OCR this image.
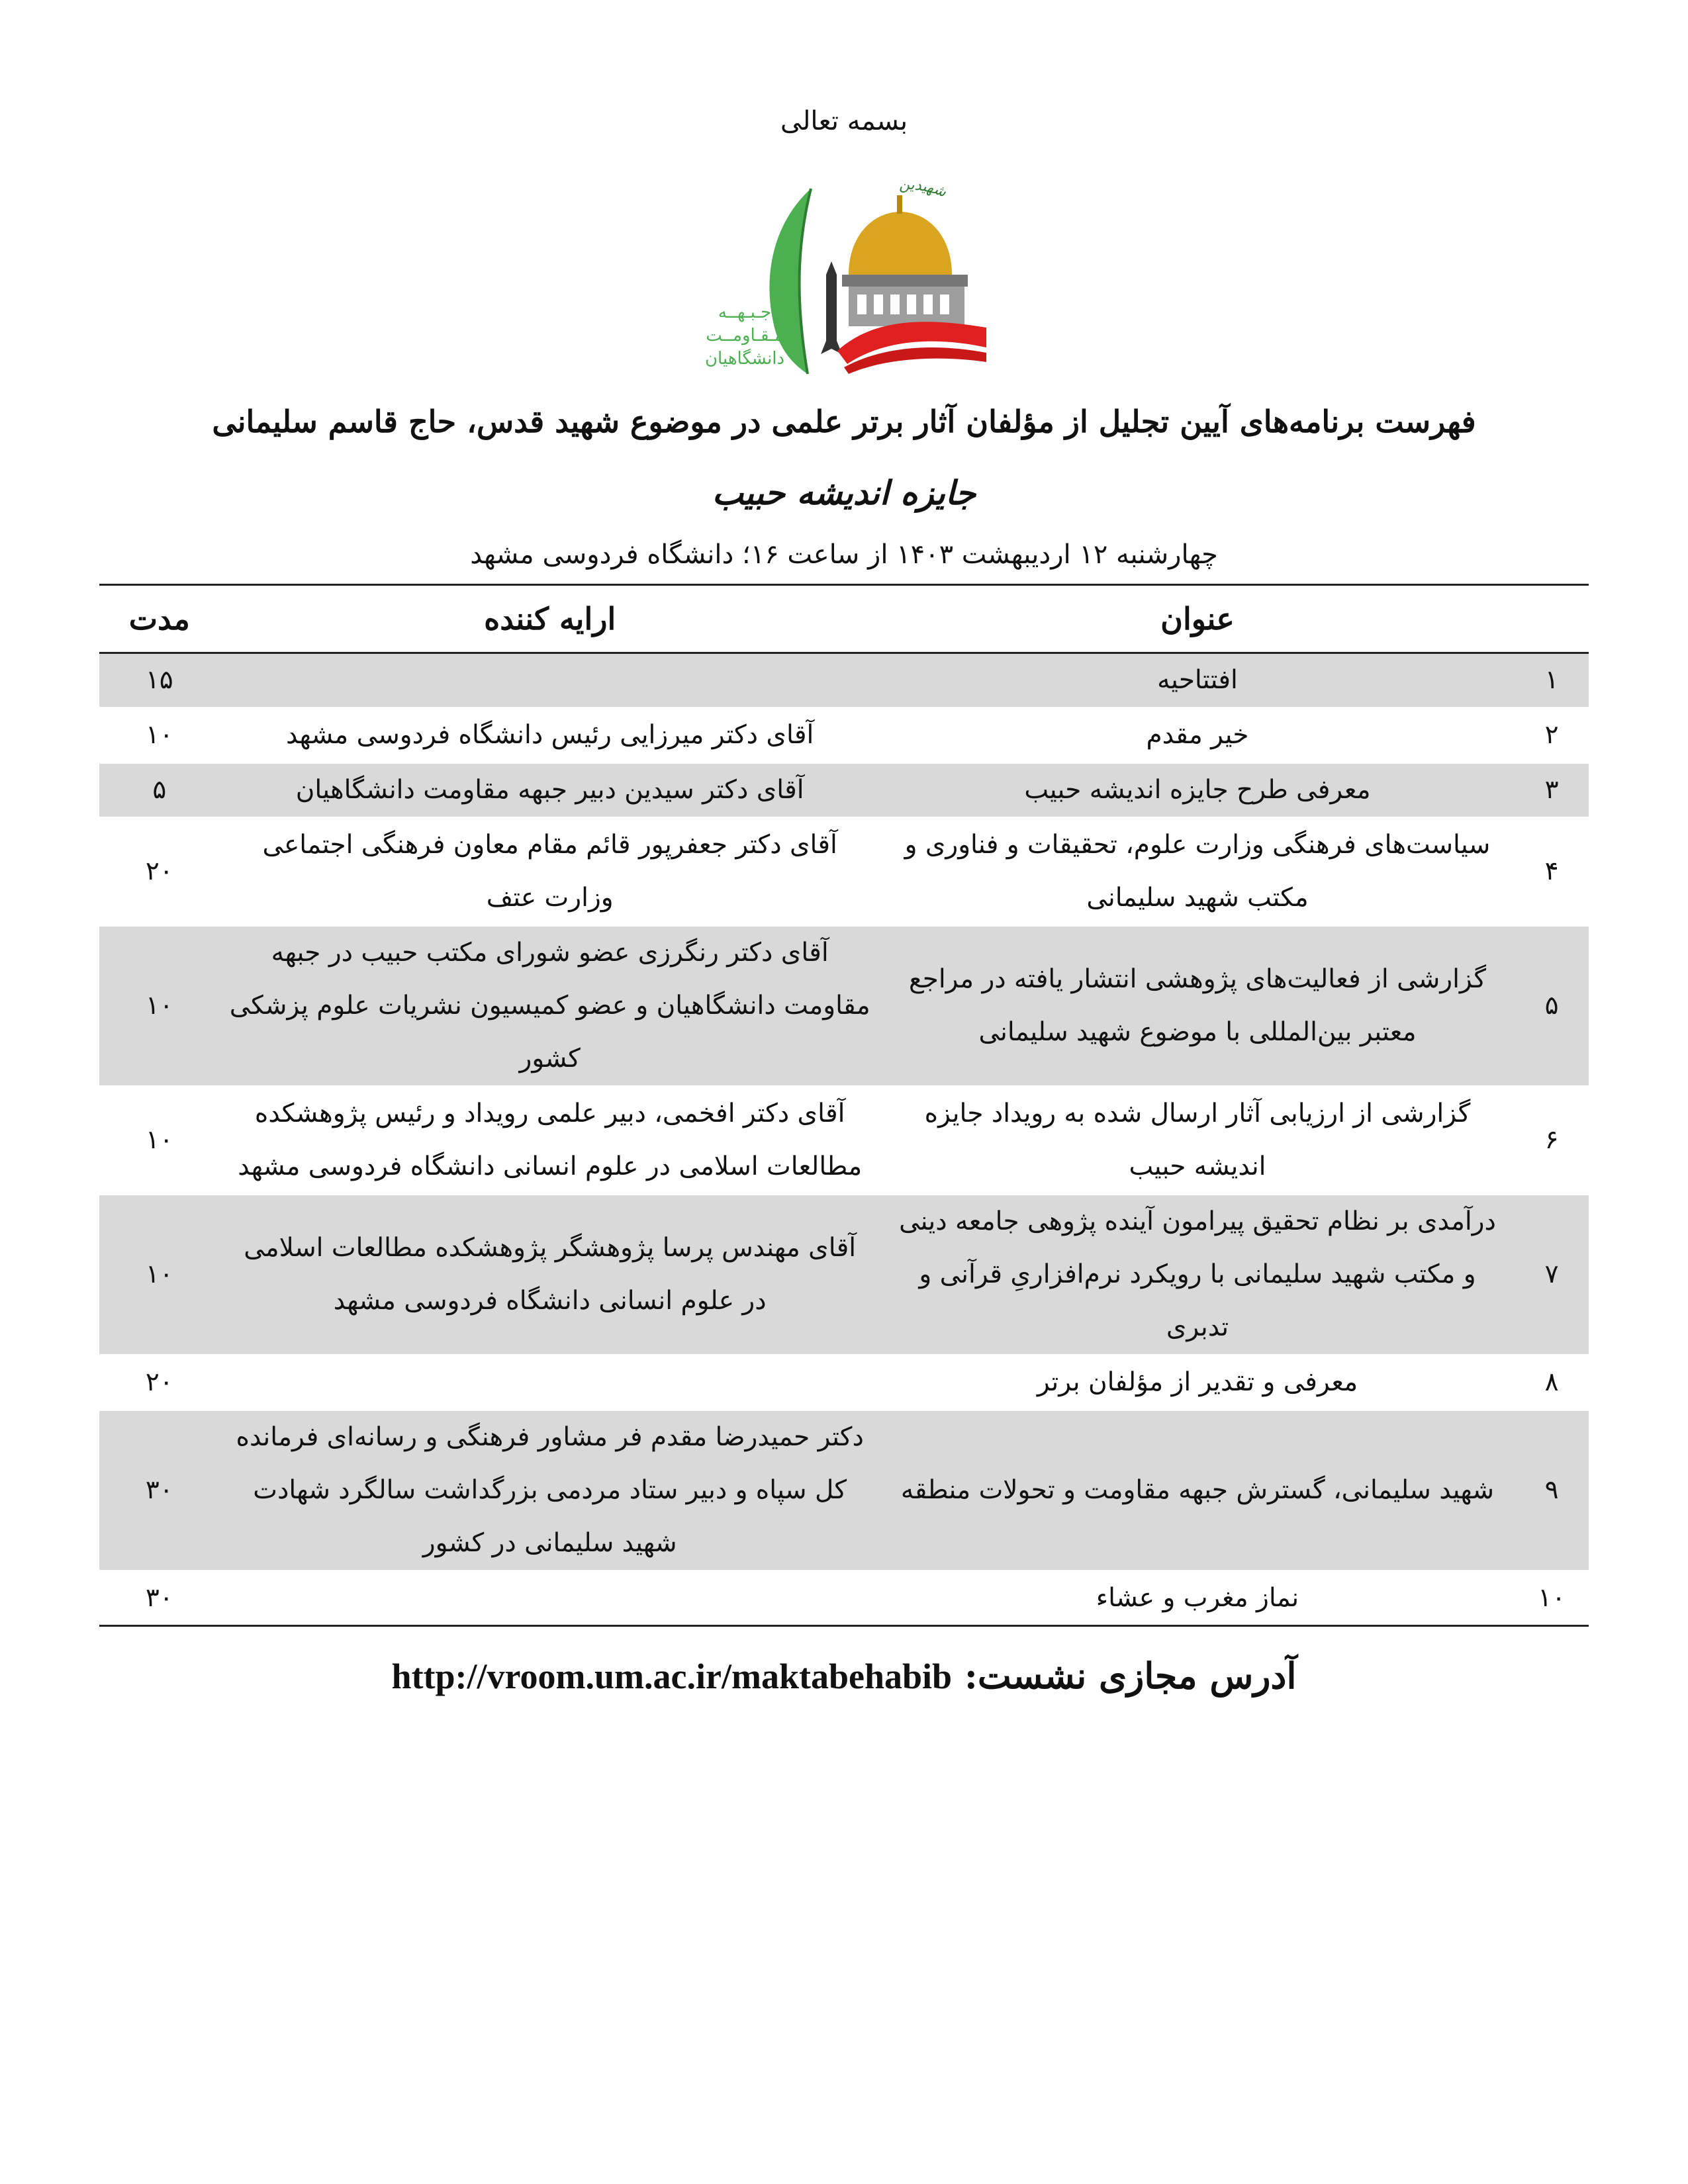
بسمه تعالی
شهیدین
جـبـهــه
مـقـاومــت
دانشگاهیان
فهرست برنامه‌های آیین تجلیل از مؤلفان آثار برتر علمی در موضوع شهید قدس، حاج قاسم سلیمانی
جایزه اندیشه حبیب
چهارشنبه ۱۲ اردیبهشت ۱۴۰۳ از ساعت ۱۶؛ دانشگاه فردوسی مشهد
	عنوان	ارایه کننده	مدت
۱	افتتاحیه		۱۵
۲	خیر مقدم	آقای دکتر میرزایی رئیس دانشگاه فردوسی مشهد	۱۰
۳	معرفی طرح جایزه اندیشه حبیب	آقای دکتر سیدین دبیر جبهه مقاومت دانشگاهیان	۵
۴	سیاست‌های فرهنگی وزارت علوم، تحقیقات و فناوری و مکتب شهید سلیمانی	آقای دکتر جعفرپور قائم مقام معاون فرهنگی اجتماعی وزارت عتف	۲۰
۵	گزارشی از فعالیت‌های پژوهشی انتشار یافته در مراجع معتبر بین‌المللی با موضوع شهید سلیمانی	آقای دکتر رنگرزی عضو شورای مکتب حبیب در جبهه مقاومت دانشگاهیان و عضو کمیسیون نشریات علوم پزشکی کشور	۱۰
۶	گزارشی از ارزیابی آثار ارسال شده به رویداد جایزه اندیشه حبیب	آقای دکتر افخمی، دبیر علمی رویداد و رئیس پژوهشکده مطالعات اسلامی در علوم انسانی دانشگاه فردوسی مشهد	۱۰
۷	درآمدی بر نظام تحقیق پیرامون آینده پژوهی جامعه دینی و مکتب شهید سلیمانی با رویکرد نرم‌افزاریِ قرآنی و تدبری	آقای مهندس پرسا پژوهشگر پژوهشکده مطالعات اسلامی در علوم انسانی دانشگاه فردوسی مشهد	۱۰
۸	معرفی و تقدیر از مؤلفان برتر		۲۰
۹	شهید سلیمانی، گسترش جبهه مقاومت و تحولات منطقه	دکتر حمیدرضا مقدم فر مشاور فرهنگی و رسانه‌ای فرمانده کل سپاه و دبیر ستاد مردمی بزرگداشت سالگرد شهادت شهید سلیمانی در کشور	۳۰
۱۰	نماز مغرب و عشاء		۳۰
آدرس مجازی نشست: http://vroom.um.ac.ir/maktabehabib
